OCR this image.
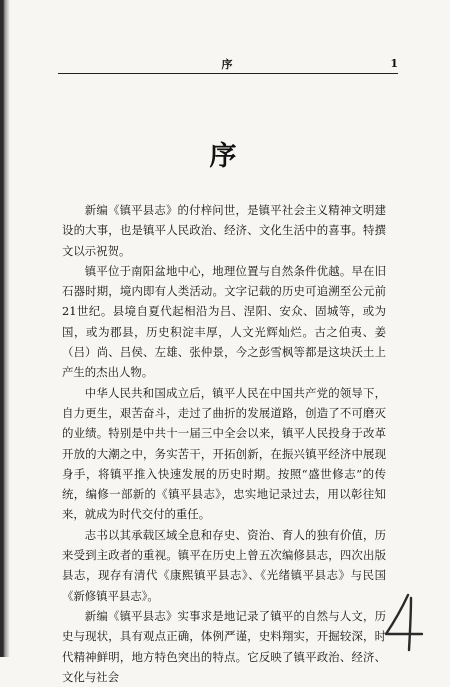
序	1
序

新编《镇平县志》的付梓问世，是镇平社会主义精神文明建设的大事，也是镇平人民政治、经济、文化生活中的喜事。特撰文以示祝贺。

镇平位于南阳盆地中心，地理位置与自然条件优越。早在旧石器时期，境内即有人类活动。文字记载的历史可追溯至公元前21世纪。县境自夏代起相沿为吕、涅阳、安众、固城等，或为国，或为郡县，历史积淀丰厚，人文光辉灿烂。古之伯夷、姜（吕）尚、吕侯、左雄、张仲景，今之彭雪枫等都是这块沃土上产生的杰出人物。

中华人民共和国成立后，镇平人民在中国共产党的领导下，自力更生，艰苦奋斗，走过了曲折的发展道路，创造了不可磨灭的业绩。特别是中共十一届三中全会以来，镇平人民投身于改革开放的大潮之中，务实苦干，开拓创新，在振兴镇平经济中展现身手，将镇平推入快速发展的历史时期。按照“盛世修志”的传统，编修一部新的《镇平县志》，忠实地记录过去，用以彰往知来，就成为时代交付的重任。

志书以其承载区域全息和存史、资治、育人的独有价值，历来受到主政者的重视。镇平在历史上曾五次编修县志，四次出版县志，现存有清代《康熙镇平县志》、《光绪镇平县志》与民国《新修镇平县志》。

新编《镇平县志》实事求是地记录了镇平的自然与人文，历史与现状，具有观点正确，体例严谨，史料翔实，开掘较深，时代精神鲜明，地方特色突出的特点。它反映了镇平政治、经济、文化与社会
